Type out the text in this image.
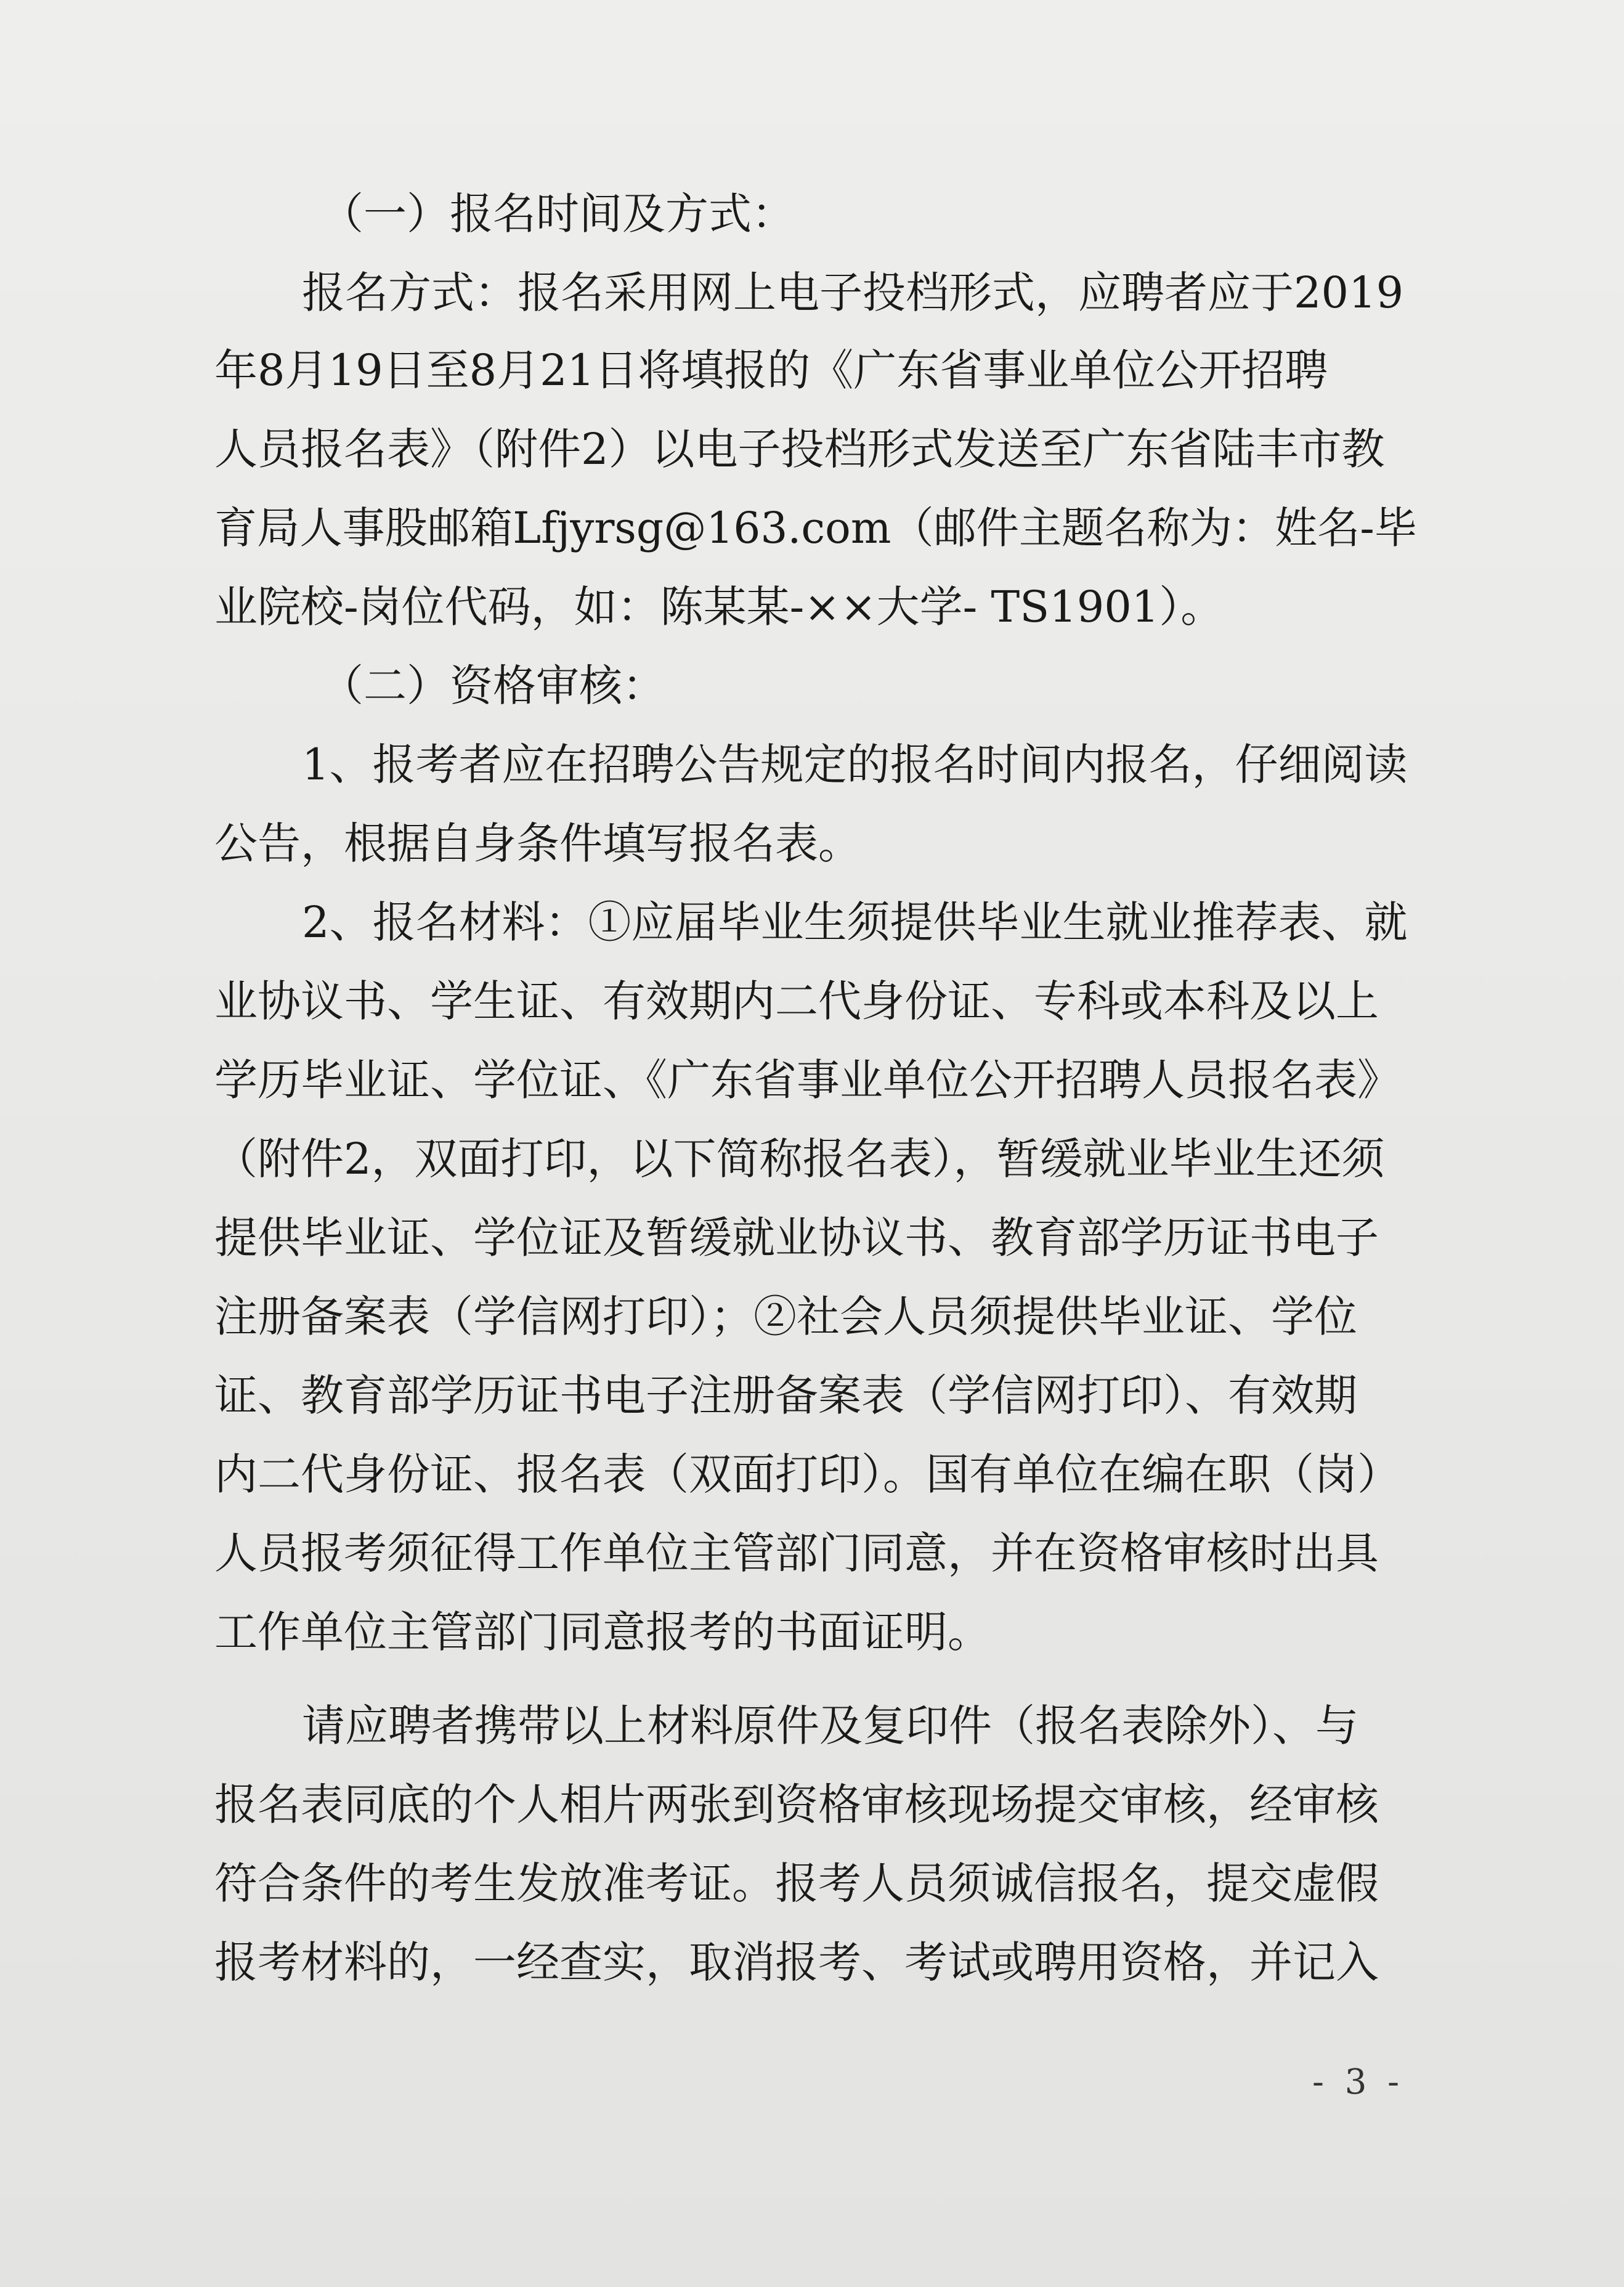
（一）报名时间及方式：
报名方式：报名采用网上电子投档形式，应聘者应于2019
年8月19日至8月21日将填报的《广东省事业单位公开招聘
人员报名表》（附件2）以电子投档形式发送至广东省陆丰市教
育局人事股邮箱Lfjyrsg@163.com（邮件主题名称为：姓名-毕
业院校-岗位代码，如：陈某某-××大学- TS1901）。
（二）资格审核：
1、报考者应在招聘公告规定的报名时间内报名，仔细阅读
公告，根据自身条件填写报名表。
2、报名材料：①应届毕业生须提供毕业生就业推荐表、就
业协议书、学生证、有效期内二代身份证、专科或本科及以上
学历毕业证、学位证、《广东省事业单位公开招聘人员报名表》
（附件2，双面打印，以下简称报名表），暂缓就业毕业生还须
提供毕业证、学位证及暂缓就业协议书、教育部学历证书电子
注册备案表（学信网打印）；②社会人员须提供毕业证、学位
证、教育部学历证书电子注册备案表（学信网打印）、有效期
内二代身份证、报名表（双面打印）。国有单位在编在职（岗）
人员报考须征得工作单位主管部门同意，并在资格审核时出具
工作单位主管部门同意报考的书面证明。
请应聘者携带以上材料原件及复印件（报名表除外）、与
报名表同底的个人相片两张到资格审核现场提交审核，经审核
符合条件的考生发放准考证。报考人员须诚信报名，提交虚假
报考材料的，一经查实，取消报考、考试或聘用资格，并记入
- 3 -
